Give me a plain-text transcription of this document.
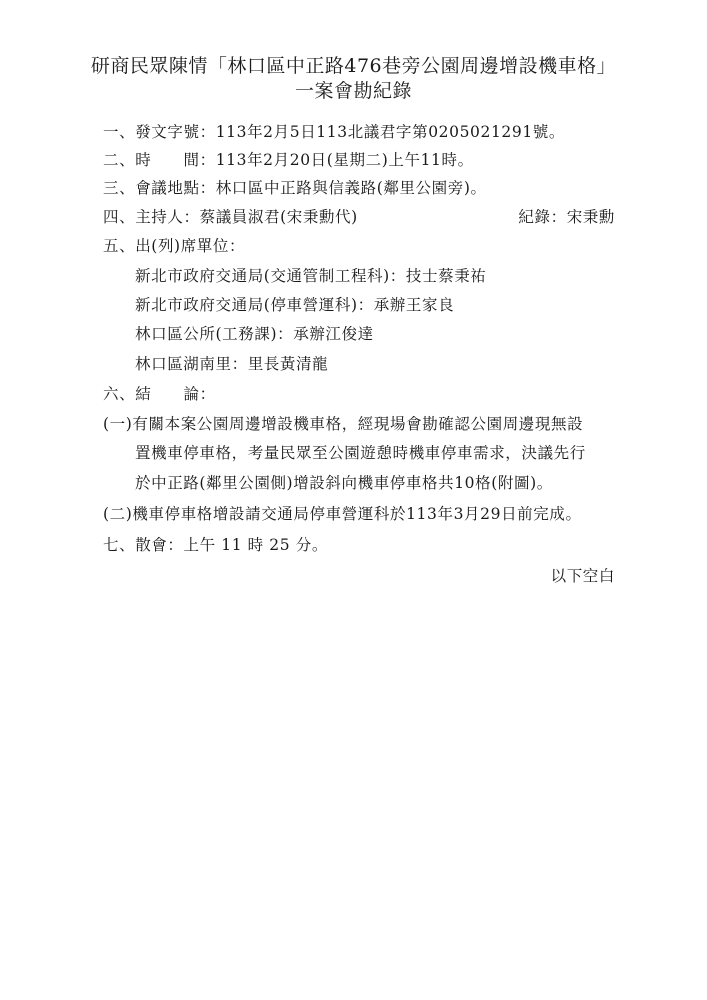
研商民眾陳情「林口區中正路476巷旁公園周邊增設機車格」
一案會勘紀錄
一、發文字號：113年2月5日113北議君字第0205021291號。
二、時　　間：113年2月20日(星期二)上午11時。
三、會議地點：林口區中正路與信義路(鄰里公園旁)。
四、主持人：蔡議員淑君(宋秉勳代)	紀錄：宋秉勳
五、出(列)席單位：
新北市政府交通局(交通管制工程科)：技士蔡秉祐
新北市政府交通局(停車營運科)：承辦王家良
林口區公所(工務課)：承辦江俊達
林口區湖南里：里長黃清龍
六、結　　論：
(一)有關本案公園周邊增設機車格，經現場會勘確認公園周邊現無設
置機車停車格，考量民眾至公園遊憩時機車停車需求，決議先行
於中正路(鄰里公園側)增設斜向機車停車格共10格(附圖)。
(二)機車停車格增設請交通局停車營運科於113年3月29日前完成。
七、散會：上午 11 時 25 分。
以下空白
